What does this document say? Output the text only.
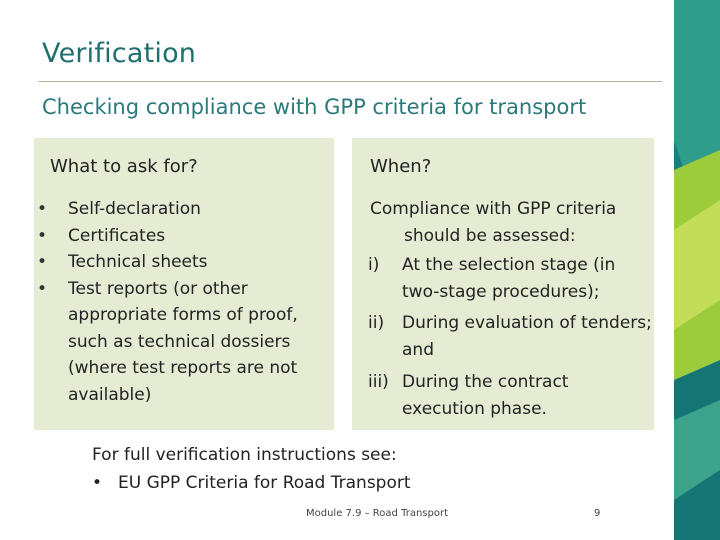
Verification
Checking compliance with GPP criteria for transport
What to ask for?
• Self-declaration
• Certificates
• Technical sheets
• Test reports (or other appropriate forms of proof, such as technical dossiers (where test reports are not available)
When?
Compliance with GPP criteria
should be assessed:
i)	At the selection stage (in two-stage procedures);
ii)	During evaluation of tenders; and
iii) During the contract execution phase.
For full verification instructions see:
• EU GPP Criteria for Road Transport
Module 7.9 – Road Transport	9
